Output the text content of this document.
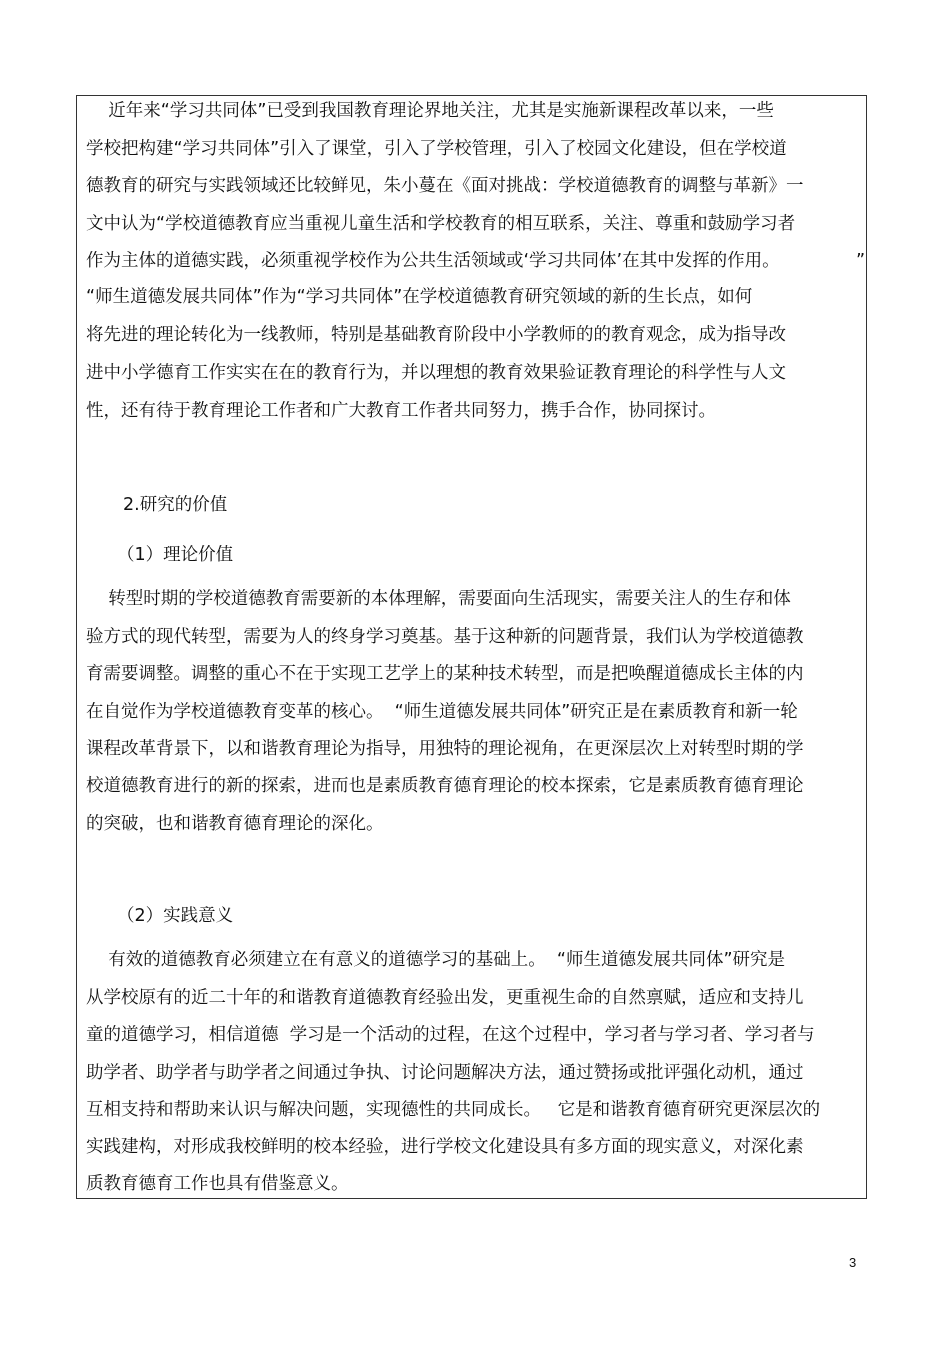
近年来“学习共同体”已受到我国教育理论界地关注，尤其是实施新课程改革以来，一些
学校把构建“学习共同体”引入了课堂，引入了学校管理，引入了校园文化建设，但在学校道
德教育的研究与实践领域还比较鲜见，朱小蔓在《面对挑战：学校道德教育的调整与革新》一
文中认为“学校道德教育应当重视儿童生活和学校教育的相互联系，关注、尊重和鼓励学习者
作为主体的道德实践，必须重视学校作为公共生活领域或‘学习共同体’在其中发挥的作用。	”
“师生道德发展共同体”作为“学习共同体”在学校道德教育研究领域的新的生长点，如何
将先进的理论转化为一线教师，特别是基础教育阶段中小学教师的的教育观念，成为指导改
进中小学德育工作实实在在的教育行为，并以理想的教育效果验证教育理论的科学性与人文
性，还有待于教育理论工作者和广大教育工作者共同努力，携手合作，协同探讨。
2.研究的价值
（1）理论价值
转型时期的学校道德教育需要新的本体理解，需要面向生活现实，需要关注人的生存和体
验方式的现代转型，需要为人的终身学习奠基。基于这种新的问题背景，我们认为学校道德教
育需要调整。调整的重心不在于实现工艺学上的某种技术转型，而是把唤醒道德成长主体的内
在自觉作为学校道德教育变革的核心。  “师生道德发展共同体”研究正是在素质教育和新一轮
课程改革背景下，以和谐教育理论为指导，用独特的理论视角，在更深层次上对转型时期的学
校道德教育进行的新的探索，进而也是素质教育德育理论的校本探索，它是素质教育德育理论
的突破，也和谐教育德育理论的深化。
（2）实践意义
有效的道德教育必须建立在有意义的道德学习的基础上。  “师生道德发展共同体”研究是
从学校原有的近二十年的和谐教育道德教育经验出发，更重视生命的自然禀赋，适应和支持儿
童的道德学习，相信道德  学习是一个活动的过程，在这个过程中，学习者与学习者、学习者与
助学者、助学者与助学者之间通过争执、讨论问题解决方法，通过赞扬或批评强化动机，通过
互相支持和帮助来认识与解决问题，实现德性的共同成长。   它是和谐教育德育研究更深层次的
实践建构，对形成我校鲜明的校本经验，进行学校文化建设具有多方面的现实意义，对深化素
质教育德育工作也具有借鉴意义。
3
